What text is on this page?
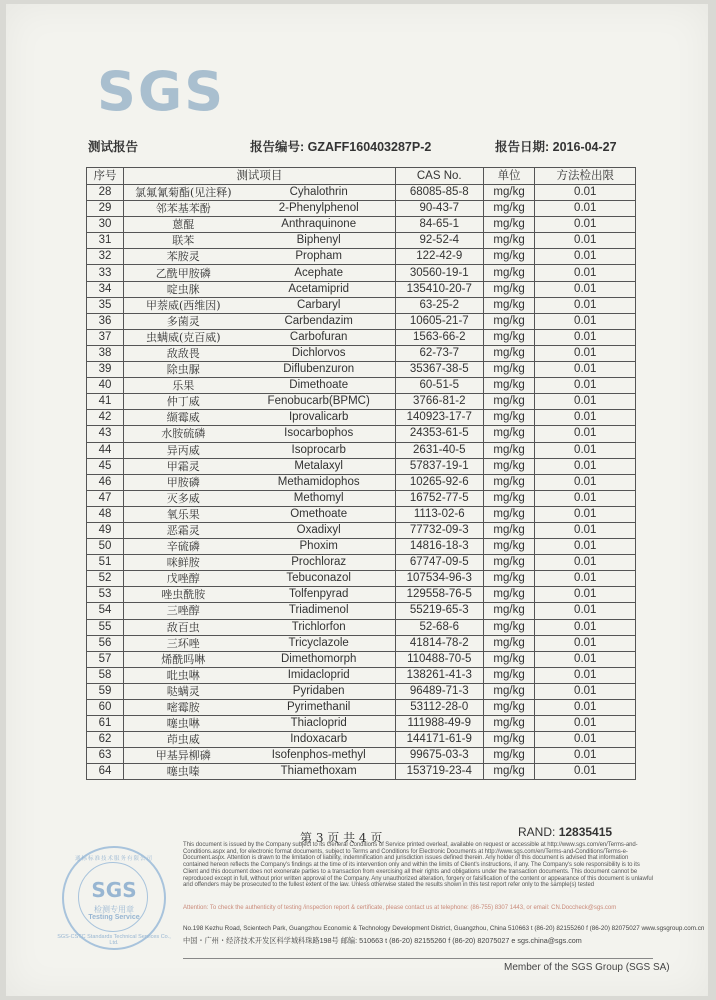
SGS
测试报告	报告编号: GZAFF160403287P-2	报告日期: 2016-04-27
序号	测试项目		CAS No.	单位	方法检出限
28	氯氟氰菊酯(见注释)	Cyhalothrin	68085-85-8	mg/kg	0.01
29	邻苯基苯酚	2-Phenylphenol	90-43-7	mg/kg	0.01
30	蒽醌	Anthraquinone	84-65-1	mg/kg	0.01
31	联苯	Biphenyl	92-52-4	mg/kg	0.01
32	苯胺灵	Propham	122-42-9	mg/kg	0.01
33	乙酰甲胺磷	Acephate	30560-19-1	mg/kg	0.01
34	啶虫脒	Acetamiprid	135410-20-7	mg/kg	0.01
35	甲萘威(西维因)	Carbaryl	63-25-2	mg/kg	0.01
36	多菌灵	Carbendazim	10605-21-7	mg/kg	0.01
37	虫螨威(克百威)	Carbofuran	1563-66-2	mg/kg	0.01
38	敌敌畏	Dichlorvos	62-73-7	mg/kg	0.01
39	除虫脲	Diflubenzuron	35367-38-5	mg/kg	0.01
40	乐果	Dimethoate	60-51-5	mg/kg	0.01
41	仲丁威	Fenobucarb(BPMC)	3766-81-2	mg/kg	0.01
42	缬霉威	Iprovalicarb	140923-17-7	mg/kg	0.01
43	水胺硫磷	Isocarbophos	24353-61-5	mg/kg	0.01
44	异丙威	Isoprocarb	2631-40-5	mg/kg	0.01
45	甲霜灵	Metalaxyl	57837-19-1	mg/kg	0.01
46	甲胺磷	Methamidophos	10265-92-6	mg/kg	0.01
47	灭多威	Methomyl	16752-77-5	mg/kg	0.01
48	氧乐果	Omethoate	1113-02-6	mg/kg	0.01
49	恶霜灵	Oxadixyl	77732-09-3	mg/kg	0.01
50	辛硫磷	Phoxim	14816-18-3	mg/kg	0.01
51	咪鲜胺	Prochloraz	67747-09-5	mg/kg	0.01
52	戊唑醇	Tebuconazol	107534-96-3	mg/kg	0.01
53	唑虫酰胺	Tolfenpyrad	129558-76-5	mg/kg	0.01
54	三唑醇	Triadimenol	55219-65-3	mg/kg	0.01
55	敌百虫	Trichlorfon	52-68-6	mg/kg	0.01
56	三环唑	Tricyclazole	41814-78-2	mg/kg	0.01
57	烯酰吗啉	Dimethomorph	110488-70-5	mg/kg	0.01
58	吡虫啉	Imidacloprid	138261-41-3	mg/kg	0.01
59	哒螨灵	Pyridaben	96489-71-3	mg/kg	0.01
60	嘧霉胺	Pyrimethanil	53112-28-0	mg/kg	0.01
61	噻虫啉	Thiacloprid	111988-49-9	mg/kg	0.01
62	茚虫威	Indoxacarb	144171-61-9	mg/kg	0.01
63	甲基异柳磷	Isofenphos-methyl	99675-03-3	mg/kg	0.01
64	噻虫嗪	Thiamethoxam	153719-23-4	mg/kg	0.01
第 3 页 共 4 页	RAND: 12835415
通标标准技术服务有限公司
SGS
检测专用章
Testing Service
SGS-CSTC Standards Technical Services Co., Ltd.
This document is issued by the Company subject to its General Conditions of Service printed overleaf, available on request or accessible at http://www.sgs.com/en/Terms-and-Conditions.aspx and, for electronic format documents, subject to Terms and Conditions for Electronic Documents at http://www.sgs.com/en/Terms-and-Conditions/Terms-e-Document.aspx. Attention is drawn to the limitation of liability, indemnification and jurisdiction issues defined therein. Any holder of this document is advised that information contained hereon reflects the Company's findings at the time of its intervention only and within the limits of Client's instructions, if any. The Company's sole responsibility is to its Client and this document does not exonerate parties to a transaction from exercising all their rights and obligations under the transaction documents. This document cannot be reproduced except in full, without prior written approval of the Company. Any unauthorized alteration, forgery or falsification of the content or appearance of this document is unlawful and offenders may be prosecuted to the fullest extent of the law. Unless otherwise stated the results shown in this test report refer only to the sample(s) tested
Attention: To check the authenticity of testing /inspection report & certificate, please contact us at telephone: (86-755) 8307 1443, or email: CN.Doccheck@sgs.com
No.198 Kezhu Road, Scientech Park, Guangzhou Economic & Technology Development District, Guangzhou, China 510663 t (86-20) 82155260 f (86-20) 82075027 www.sgsgroup.com.cn
中国・广州・经济技术开发区科学城科珠路198号 邮编: 510663 t (86-20) 82155260 f (86-20) 82075027 e sgs.china@sgs.com
Member of the SGS Group (SGS SA)
